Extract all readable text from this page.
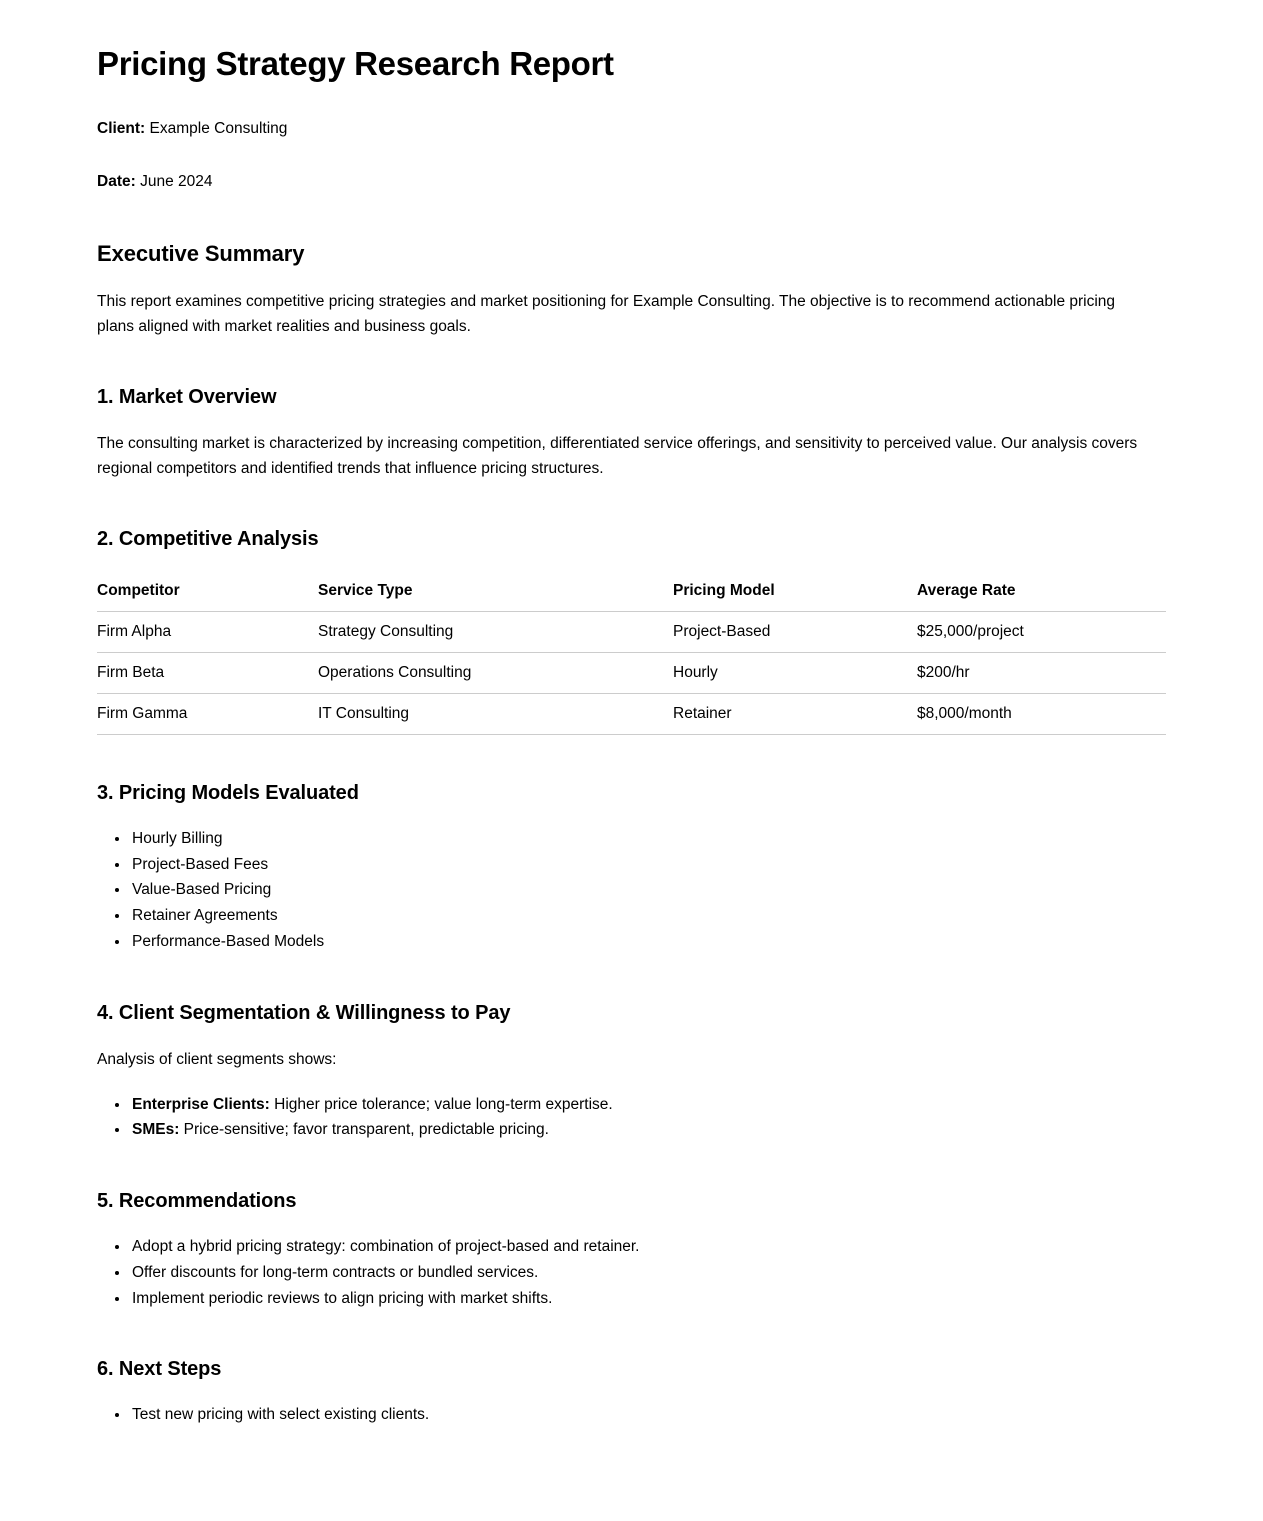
Pricing Strategy Research Report
Client: Example Consulting
Date: June 2024
Executive Summary

This report examines competitive pricing strategies and market positioning for Example Consulting. The objective is to recommend actionable pricing plans aligned with market realities and business goals.

1. Market Overview

The consulting market is characterized by increasing competition, differentiated service offerings, and sensitivity to perceived value. Our analysis covers regional competitors and identified trends that influence pricing structures.

2. Competitive Analysis
Competitor	Service Type	Pricing Model	Average Rate
Firm Alpha	Strategy Consulting	Project-Based	$25,000/project
Firm Beta	Operations Consulting	Hourly	$200/hr
Firm Gamma	IT Consulting	Retainer	$8,000/month
3. Pricing Models Evaluated
• Hourly Billing
• Project-Based Fees
• Value-Based Pricing
• Retainer Agreements
• Performance-Based Models
4. Client Segmentation & Willingness to Pay

Analysis of client segments shows:

• Enterprise Clients: Higher price tolerance; value long-term expertise.
• SMEs: Price-sensitive; favor transparent, predictable pricing.
5. Recommendations
• Adopt a hybrid pricing strategy: combination of project-based and retainer.
• Offer discounts for long-term contracts or bundled services.
• Implement periodic reviews to align pricing with market shifts.
6. Next Steps
• Test new pricing with select existing clients.
